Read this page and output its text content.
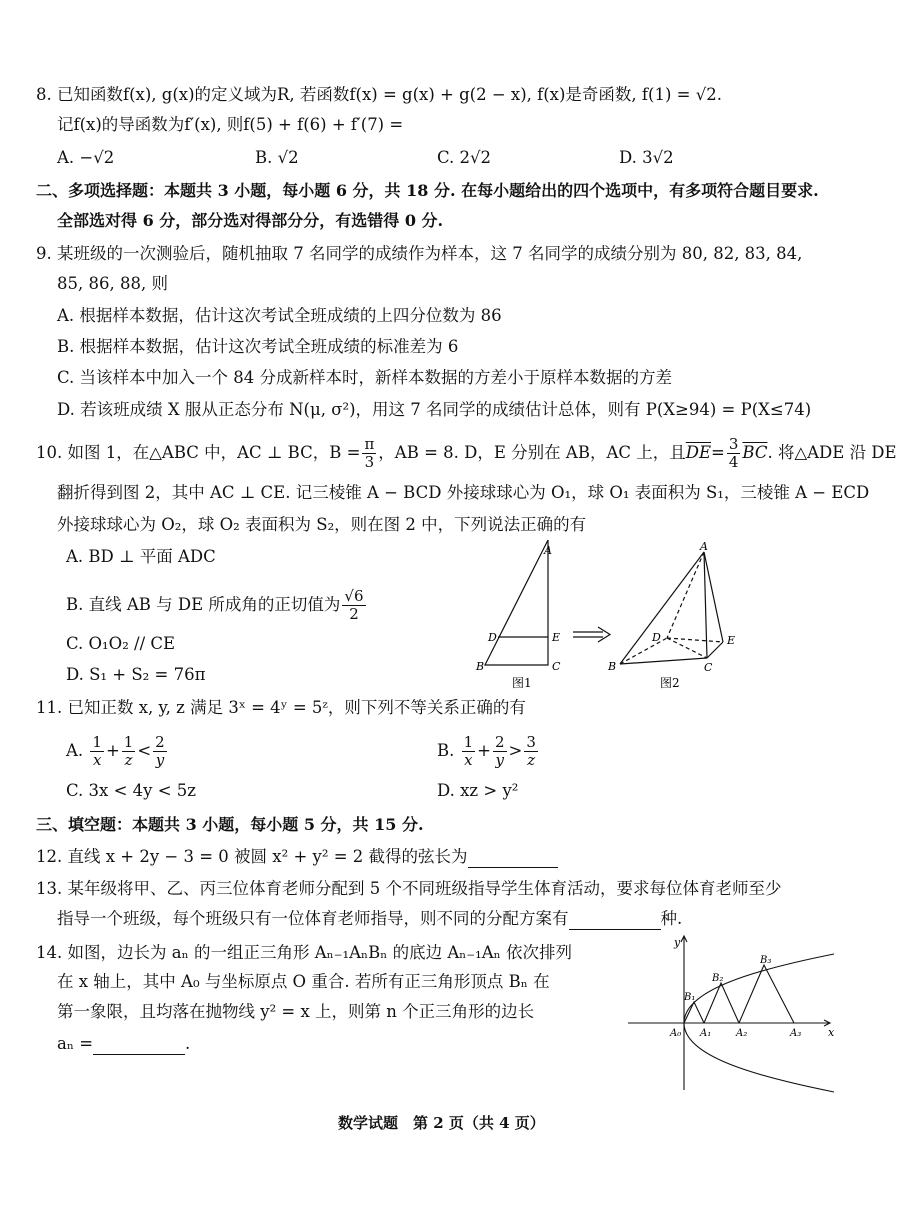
8. 已知函数f(x), g(x)的定义域为R, 若函数f(x) = g(x) + g(2 − x), f(x)是奇函数, f(1) = √2.
记f(x)的导函数为f′(x), 则f(5) + f(6) + f′(7) =
A. −√2	B. √2	C. 2√2	D. 3√2
二、多项选择题：本题共 3 小题，每小题 6 分，共 18 分. 在每小题给出的四个选项中，有多项符合题目要求.
全部选对得 6 分，部分选对得部分分，有选错得 0 分.
9. 某班级的一次测验后，随机抽取 7 名同学的成绩作为样本，这 7 名同学的成绩分别为 80, 82, 83, 84,
85, 86, 88, 则
A. 根据样本数据，估计这次考试全班成绩的上四分位数为 86
B. 根据样本数据，估计这次考试全班成绩的标准差为 6
C. 当该样本中加入一个 84 分成新样本时，新样本数据的方差小于原样本数据的方差
D. 若该班成绩 X 服从正态分布 N(μ, σ²)，用这 7 名同学的成绩估计总体，则有 P(X≥94) = P(X≤74)
10. 如图 1，在△ABC 中，AC ⊥ BC，$B = \frac{\pi}{3}$ ，AB = 8. D，E 分别在 AB，AC 上，且$\overline{DE}= \frac{3}{4} \overline{BC}$. 将△ADE 沿 DE
翻折得到图 2，其中 AC ⊥ CE. 记三棱锥 A − BCD 外接球球心为 O₁，球 O₁ 表面积为 S₁，三棱锥 A − ECD
外接球球心为 O₂，球 O₂ 表面积为 S₂，则在图 2 中，下列说法正确的有
A. BD ⊥ 平面 ADC
B. 直线 AB 与 DE 所成角的正切值为 $\frac{√6}{2}$
C. O₁O₂ // CE
D. S₁ + S₂ = 76π
A
D	E
B	C
图1
A
D	E
B	C
图2
11. 已知正数 x, y, z 满足 3ˣ = 4ʸ = 5ᶻ，则下列不等关系正确的有
A. $\frac{1}{x} + \frac{1}{z} < \frac{2}{y}$	B. $\frac{1}{x} + \frac{2}{y} > \frac{3}{z}$
C. 3x < 4y < 5z	D. xz > y²
三、填空题：本题共 3 小题，每小题 5 分，共 15 分.
12. 直线 x + 2y − 3 = 0 被圆 x² + y² = 2 截得的弦长为
13. 某年级将甲、乙、丙三位体育老师分配到 5 个不同班级指导学生体育活动，要求每位体育老师至少
指导一个班级，每个班级只有一位体育老师指导，则不同的分配方案有	种.
14. 如图，边长为 aₙ 的一组正三角形 Aₙ₋₁AₙBₙ 的底边 Aₙ₋₁Aₙ 依次排列
在 x 轴上，其中 A₀ 与坐标原点 O 重合. 若所有正三角形顶点 Bₙ 在
第一象限，且均落在抛物线 y² = x 上，则第 n 个正三角形的边长
aₙ =	.
y
x
A₀ A₁ A₂	A₃
B₁
B₂
B₃
数学试题　第 2 页（共 4 页）
